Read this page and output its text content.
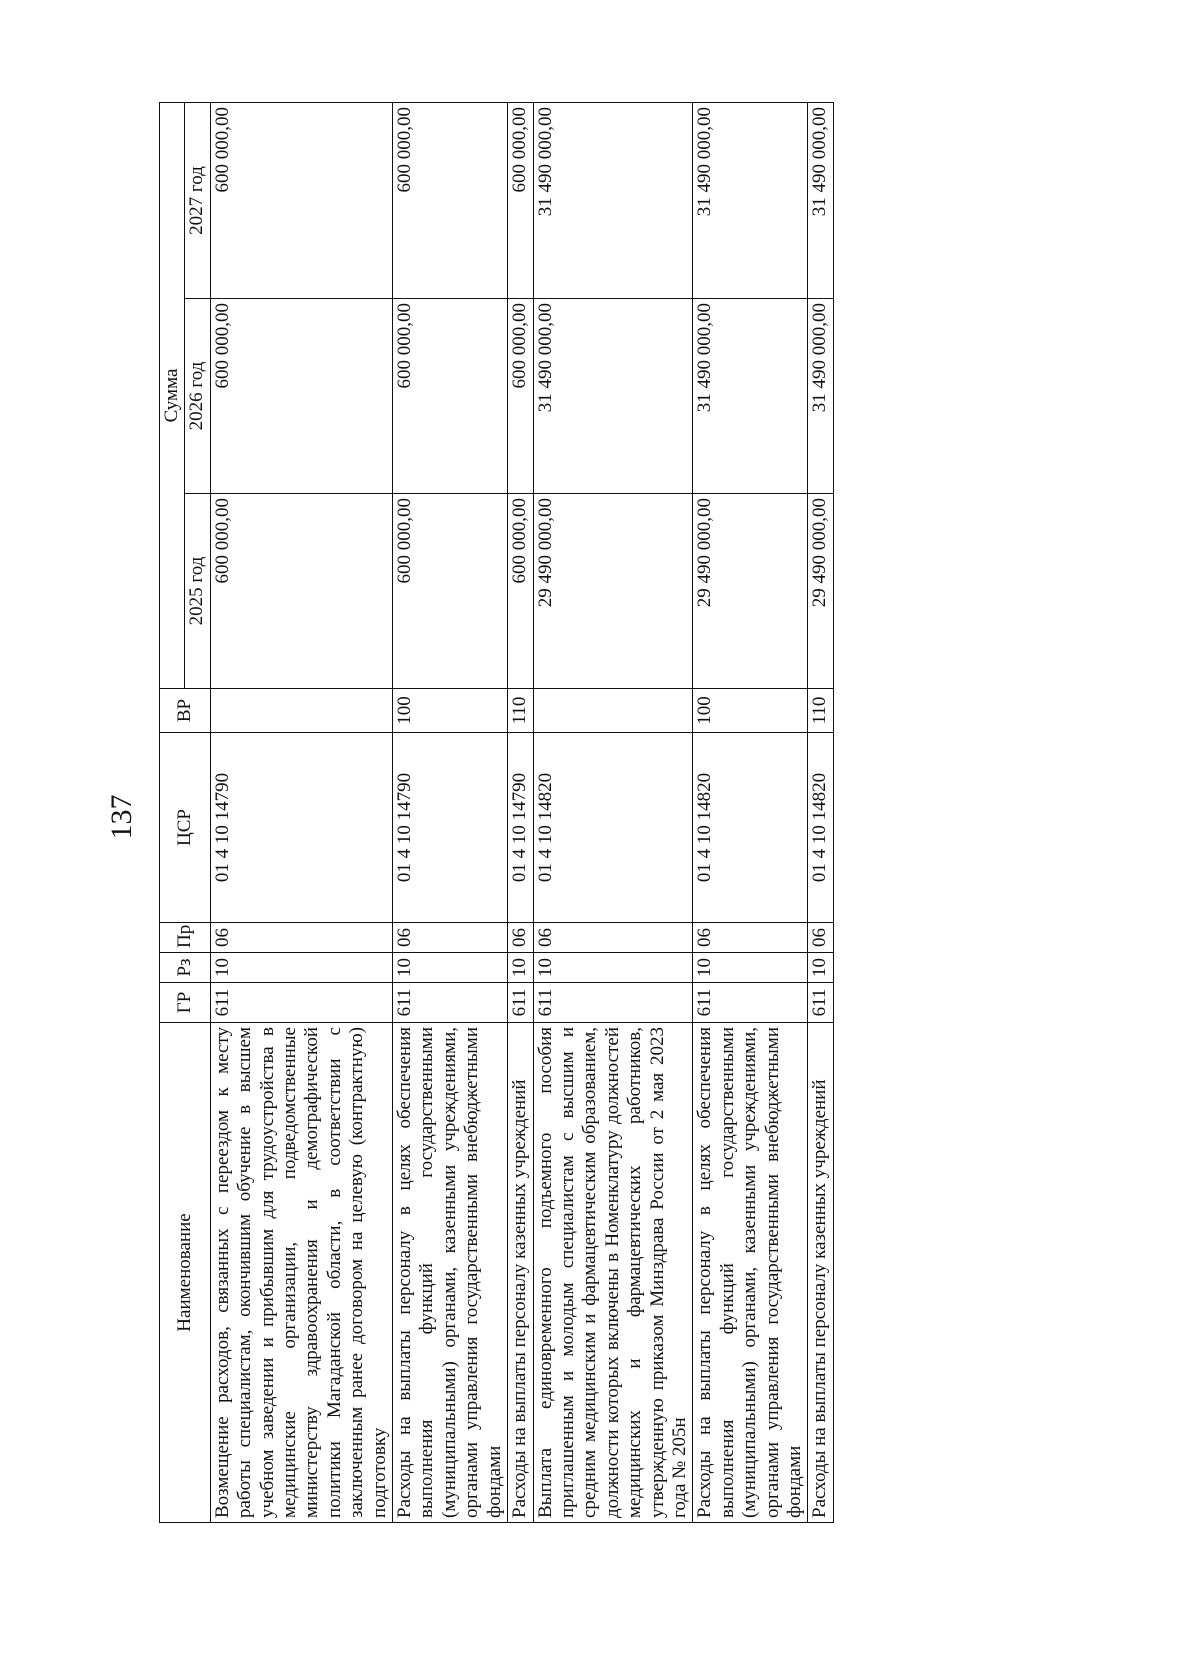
137
Наименование	ГР	Рз	Пр	ЦСР	ВР	Сумма		
						2025 год	2026 год	2027 год
Возмещение расходов, связанных с переездом к месту работы специалистам, окончившим обучение в высшем учебном заведении и прибывшим для трудоустройства в медицинские организации, подведомственные министерству здравоохранения и демографической политики Магаданской области, в соответствии с заключенным ранее договором на целевую (контрактную) подготовку	611	10	06	01 4 10 14790		600 000,00	600 000,00	600 000,00
Расходы на выплаты персоналу в целях обеспечения выполнения функций государственными (муниципальными) органами, казенными учреждениями, органами управления государственными внебюджетными фондами	611	10	06	01 4 10 14790	100	600 000,00	600 000,00	600 000,00
Расходы на выплаты персоналу казенных учреждений	611	10	06	01 4 10 14790	110	600 000,00	600 000,00	600 000,00
Выплата единовременного подъемного пособия приглашенным и молодым специалистам с высшим и средним медицинским и фармацевтическим образованием, должности которых включены в Номенклатуру должностей медицинских и фармацевтических работников, утвержденную приказом Минздрава России от 2 мая 2023 года № 205н	611	10	06	01 4 10 14820		29 490 000,00	31 490 000,00	31 490 000,00
Расходы на выплаты персоналу в целях обеспечения выполнения функций государственными (муниципальными) органами, казенными учреждениями, органами управления государственными внебюджетными фондами	611	10	06	01 4 10 14820	100	29 490 000,00	31 490 000,00	31 490 000,00
Расходы на выплаты персоналу казенных учреждений	611	10	06	01 4 10 14820	110	29 490 000,00	31 490 000,00	31 490 000,00
